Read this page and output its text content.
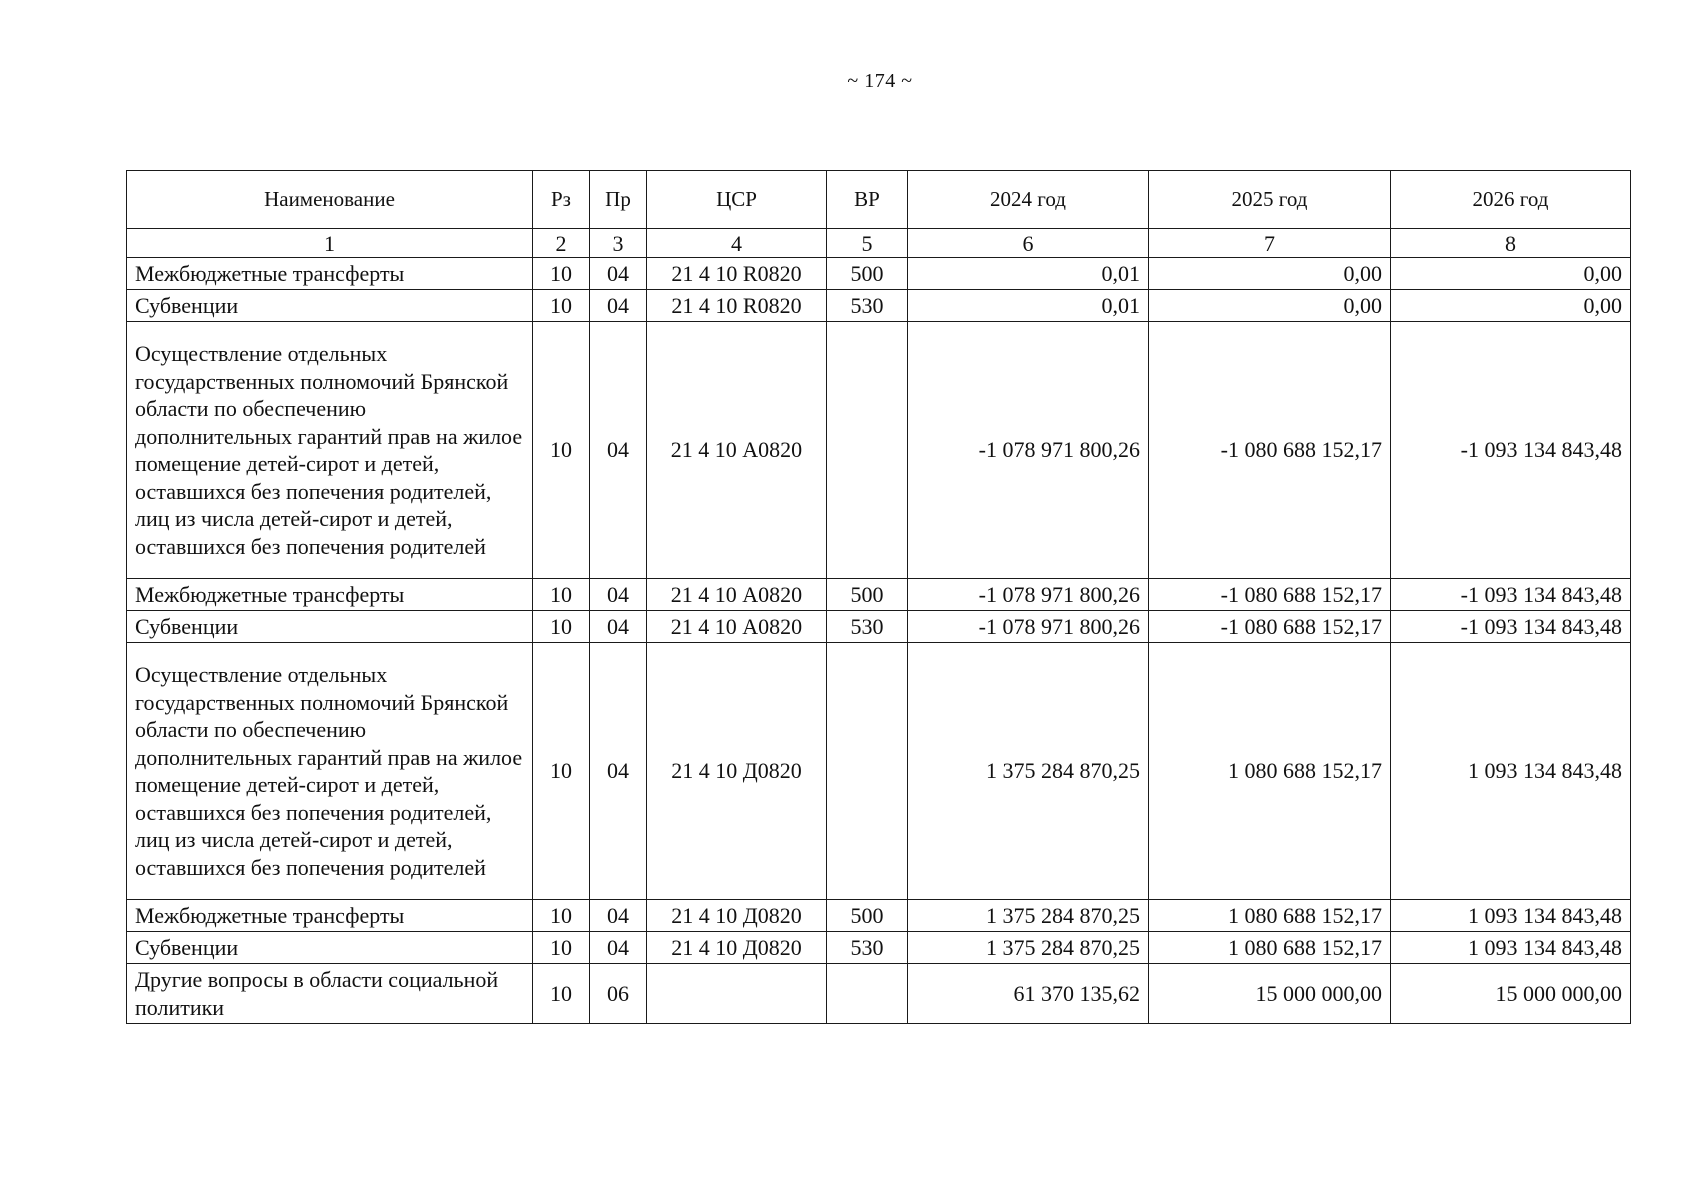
~ 174 ~
Наименование	Рз	Пр	ЦСР	ВР	2024 год	2025 год	2026 год
1	2	3	4	5	6	7	8
Межбюджетные трансферты	10	04	21 4 10 R0820	500	0,01	0,00	0,00
Субвенции	10	04	21 4 10 R0820	530	0,01	0,00	0,00
Осуществление отдельных государственных полномочий Брянской области по обеспечению дополнительных гарантий прав на жилое помещение детей-сирот и детей, оставшихся без попечения родителей, лиц из числа детей-сирот и детей, оставшихся без попечения родителей	10	04	21 4 10 А0820		-1 078 971 800,26	-1 080 688 152,17	-1 093 134 843,48
Межбюджетные трансферты	10	04	21 4 10 А0820	500	-1 078 971 800,26	-1 080 688 152,17	-1 093 134 843,48
Субвенции	10	04	21 4 10 А0820	530	-1 078 971 800,26	-1 080 688 152,17	-1 093 134 843,48
Осуществление отдельных государственных полномочий Брянской области по обеспечению дополнительных гарантий прав на жилое помещение детей-сирот и детей, оставшихся без попечения родителей, лиц из числа детей-сирот и детей, оставшихся без попечения родителей	10	04	21 4 10 Д0820		1 375 284 870,25	1 080 688 152,17	1 093 134 843,48
Межбюджетные трансферты	10	04	21 4 10 Д0820	500	1 375 284 870,25	1 080 688 152,17	1 093 134 843,48
Субвенции	10	04	21 4 10 Д0820	530	1 375 284 870,25	1 080 688 152,17	1 093 134 843,48
Другие вопросы в области социальной политики	10	06			61 370 135,62	15 000 000,00	15 000 000,00
